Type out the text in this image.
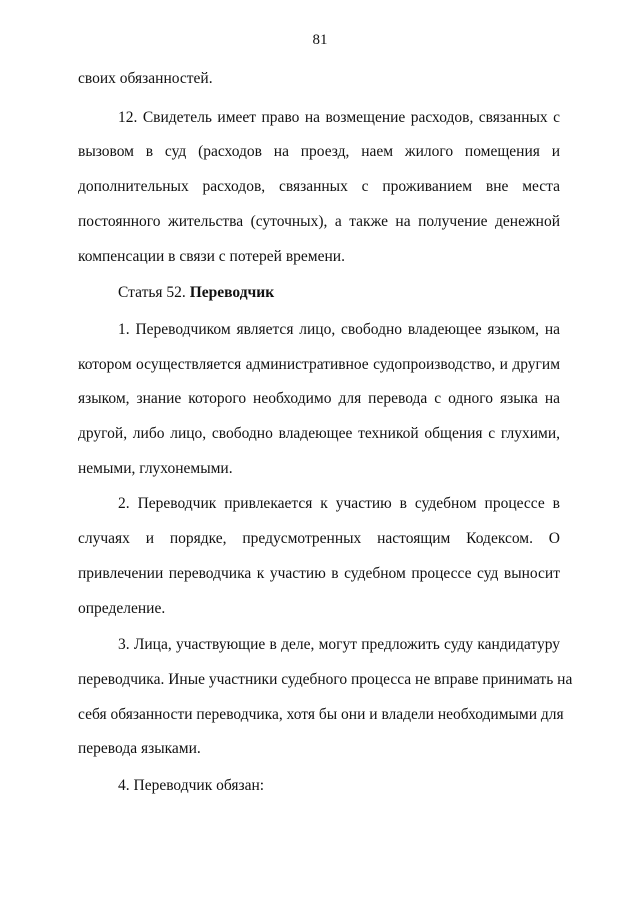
81
своих обязанностей.
12. Свидетель имеет право на возмещение расходов, связанных с
вызовом в суд (расходов на проезд, наем жилого помещения и
дополнительных расходов, связанных с проживанием вне места
постоянного жительства (суточных), а также на получение денежной
компенсации в связи с потерей времени.
Статья 52. Переводчик
1. Переводчиком является лицо, свободно владеющее языком, на
котором осуществляется административное судопроизводство, и другим
языком, знание которого необходимо для перевода с одного языка на
другой, либо лицо, свободно владеющее техникой общения с глухими,
немыми, глухонемыми.
2. Переводчик привлекается к участию в судебном процессе в
случаях и порядке, предусмотренных настоящим Кодексом. О
привлечении переводчика к участию в судебном процессе суд выносит
определение.
3. Лица, участвующие в деле, могут предложить суду кандидатуру
переводчика. Иные участники судебного процесса не вправе принимать на
себя обязанности переводчика, хотя бы они и владели необходимыми для
перевода языками.
4. Переводчик обязан:
